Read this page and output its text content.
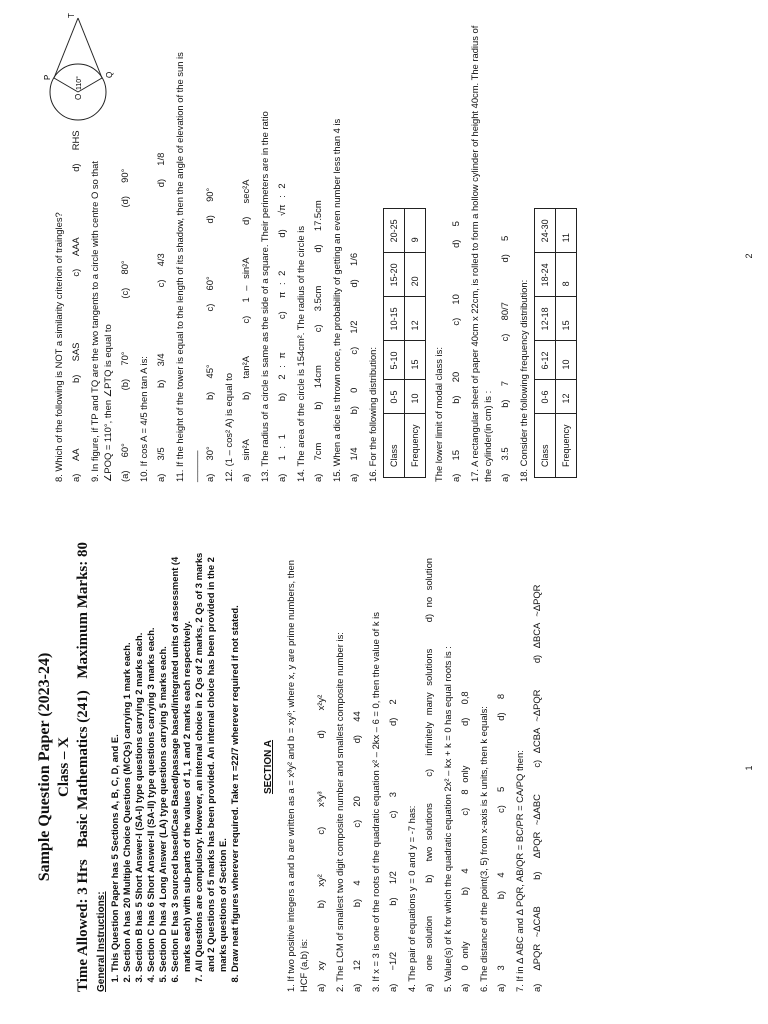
Sample Question Paper (2023-24) Class – X

Time Allowed: 3 Hrs
Basic Mathematics (241)
Maximum Marks: 80
General Instructions: 1. This Question Paper has 5 Sections A, B, C, D, and E. 2. Section A has 20 Multiple Choice Questions (MCQs) carrying 1 mark each. 3. Section B has 5 Short Answer-I (SA-I) type questions carrying 2 marks each. 4. Section C has 6 Short Answer-II (SA-II) type questions carrying 3 marks each. 5. Section D has 4 Long Answer (LA) type questions carrying 5 marks each. 6. Section E has 3 sourced based/Case Based/passage based/integrated units of assessment (4 marks each) with sub-parts of the values of 1, 1 and 2 marks each respectively. 7. All Questions are compulsory. However, an internal choice in 2 Qs of 2 marks, 2 Qs of 3 marks and 2 Questions of 5 marks has been provided. An internal choice has been provided in the 2 marks questions of Section E. 8. Draw neat figures wherever required. Take π =22/7 wherever required if not stated. SECTION A 1. If two positive integers a and b are written as a = x³y² and b = xy³; where x, y are prime numbers, then HCF (a,b) is: a)  xy        b)  xy²      c)   x³y³        d)   x²y² 2. The LCM of smallest two digit composite number and smallest composite number is: a)  12        b)  4        c)  20        d)  44 3. If x = 3 is one of the roots of the quadratic equation x² – 2kx – 6 = 0, then the value of k is a)  −1/2       b)  1/2        c)  3          d)  2 4. The pair of equations y = 0 and y = -7 has: a)  one solution     b)  two solutions    c)  infinitely many solutions    d) no solution 5. Value(s) of k for which the quadratic equation 2x² – kx + k = 0 has equal roots is : a)  0 only       b)  4        c)  8 only      d)  0,8 6. The distance of the point(3, 5) from x-axis is k units, then k equals: a)  3          b)  4         c)  5          d)  8 7. If in Δ ABC and Δ PQR, AB/QR = BC/PR = CA/PQ then: a)  ΔPQR ~ΔCAB    b)  ΔPQR ~ΔABC    c) ΔCBA ~ΔPQR    d) ΔBCA ~ΔPQR	1
O
110°
P	Q
T

8. Which of the following is NOT a similarity criterion of traingles? a)  AA          b)  SAS          c)  AAA          d)  RHS 9. In figure, if TP and TQ are the two tangents to a circle with centre O so that ∠POQ = 110°, then ∠PTQ is equal to (a)  60°        (b)  70°        (c)  80°        (d)  90° 10. If cos A = 4/5 then tan A is: a)  3/5         b)  3/4          c)  4/3          d)  1/8 11. If the height of the tower is equal to the length of its shadow, then the angle of elevation of the sun is ______ a)  30°       b)  45°        c)  60°        d)  90° 12. (1 – cos² A) is equal to a)  sin²A      b)  tan²A     c)  1 – sin²A     d)  sec²A 13. The radius of a circle is same as the side of a square. Their perimeters are in the ratio a)  1 : 1     b)  2 : π     c)  π : 2     d)  √π : 2 14. The area of the circle is 154cm². The radius of the circle is a)  7cm     b)  14cm     c)  3.5cm     d)  17.5cm 15. When a dice is thrown once, the probability of getting an even number less than 4 is a)  1/4     b)  0     c)  1/2     d)  1/6 16. For the following distribution: Class	0-5	5-10	10-15	15-20	20-25
Frequency	10	15	12	20	9

The lower limit of modal class is: a)  15       b)  20       c)  10       d)  5 17. A rectangular sheet of paper 40cm x 22cm, is rolled to form a hollow cylinder of height 40cm. The radius of the cylinder(in cm) is : a)  3.5      b)  7      c)  80/7      d)  5 18. Consider the following frequency distribution: Class	0-6	6-12	12-18	18-24	24-30
Frequency	12	10	15	8	11
2
